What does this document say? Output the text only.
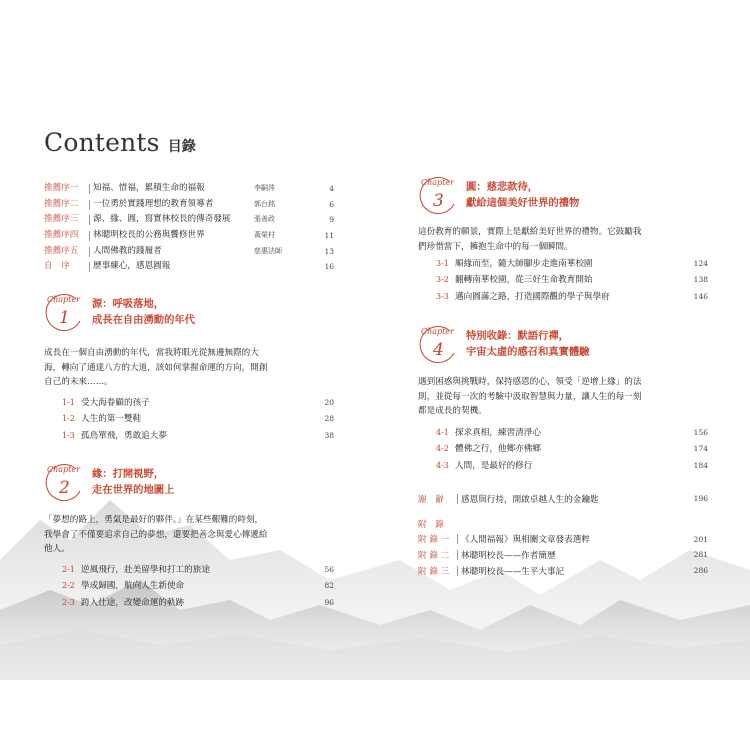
Contents 目錄
推薦序一	知福、惜福，累積生命的福報	李嗣涔	4
推薦序二	一位勇於實踐理想的教育領導者	郭台銘	6
推薦序三	源、緣、圓，寫實林校長的傳奇發展	張善政	9
推薦序四	林聰明校長的公務與饗修世界	黃榮村	11
推薦序五	人間佛教的踐履者	慈惠法師	13
自　序	歷事練心，感恩圓報	16
Chapter
1
源：呼吸落地，
成長在自由湧動的年代
成長在一個自由湧動的年代，當我將眼光從無邊無際的大
海，轉向了通達八方的大道，該如何掌握命運的方向，開創
自己的未來……。
1-1 受大海眷顧的孩子	20
1-2 人生的第一雙鞋	28
1-3 孤鳥單飛，勇敢追大夢	38
Chapter
2
緣：打開視野，
走在世界的地圖上
「夢想的路上，勇氣是最好的夥伴。」在某些艱難的時刻，
我學會了不僅要追求自己的夢想，還要把善念與愛心傳遞給
他人。
2-1 逆風飛行，赴美留學和打工的旅途	56
2-2 學成歸國，航向人生新使命	82
2-3 跨入仕途，改變命運的軌跡	96
Chapter
3
圓：慈悲款待，
獻給這個美好世界的禮物
這份教育的願景，實際上是獻給美好世界的禮物。它鼓勵我
們珍惜當下，擁抱生命中的每一個瞬間。
3-1 順緣而至，隨大師腳步走進南華校園	124
3-2 翻轉南華校園，從三好生命教育開始	138
3-3 邁向圓滿之路，打造國際觀的學子與學府	146
Chapter
4
特別收錄：默語行禪，
宇宙太虛的感召和真實體驗
遇到困惑與挑戰時，保持感恩的心，領受「逆增上緣」的法
則，並從每一次的考驗中汲取智慧與力量，讓人生的每一刻
都是成長的契機。
4-1 探求真相，練習清淨心	156
4-2 體佛之行，他鄉亦佛鄉	174
4-3 人間，是最好的修行	184
謝　辭	感恩與行持，開啟卓越人生的金鑰匙	196
附　錄
附 錄 一	《人間福報》與相關文章發表選粹	201
附 錄 二	林聰明校長——作者簡歷	281
附 錄 三	林聰明校長——生平大事記	286
